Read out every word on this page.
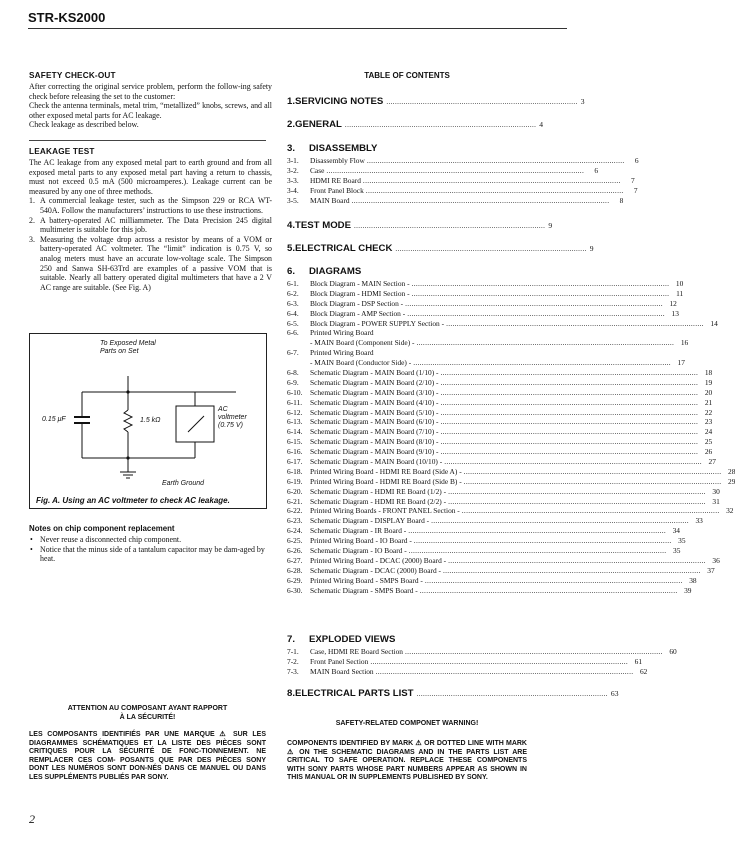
STR-KS2000
SAFETY CHECK-OUT

After correcting the original service problem, perform the follow-ing safety check before releasing the set to the customer:

Check the antenna terminals, metal trim, “metallized” knobs, screws, and all other exposed metal parts for AC leakage.

Check leakage as described below.

LEAKAGE TEST

The AC leakage from any exposed metal part to earth ground and from all exposed metal parts to any exposed metal part having a return to chassis, must not exceed 0.5 mA (500 microamperes.). Leakage current can be measured by any one of three methods.

1. A commercial leakage tester, such as the Simpson 229 or RCA WT-540A. Follow the manufacturers’ instructions to use these instructions.
2. A battery-operated AC milliammeter. The Data Precision 245 digital multimeter is suitable for this job.
3. Measuring the voltage drop across a resistor by means of a VOM or battery-operated AC voltmeter. The “limit” indication is 0.75 V, so analog meters must have an accurate low-voltage scale. The Simpson 250 and Sanwa SH-63Trd are examples of a passive VOM that is suitable. Nearly all battery operated digital multimeters that have a 2 V AC range are suitable. (See Fig. A)
To Exposed Metal
Parts on Set
0.15 μF	1.5 kΩ
AC
voltmeter
(0.75 V)
Earth Ground
Fig. A. Using an AC voltmeter to check AC leakage.
Notes on chip component replacement
• Never reuse a disconnected chip component.
• Notice that the minus side of a tantalum capacitor may be dam-aged by heat.
TABLE OF CONTENTS
1. SERVICING NOTES ......................................................................................... 3
2. GENERAL ......................................................................................... 4
3.	DISASSEMBLY
3-1.	Disassembly Flow ........................................................................................................................	6
3-2.	Case ........................................................................................................................	6
3-3.	HDMI RE Board ........................................................................................................................	7
3-4.	Front Panel Block ........................................................................................................................	7
3-5.	MAIN Board ........................................................................................................................	8
4. TEST MODE ......................................................................................... 9
5. ELECTRICAL CHECK ......................................................................................... 9
6.	DIAGRAMS
6-1.	Block Diagram - MAIN Section - ........................................................................................................................ 10
6-2.	Block Diagram - HDMI Section - ........................................................................................................................ 11
6-3.	Block Diagram - DSP Section - ........................................................................................................................ 12
6-4.	Block Diagram - AMP Section - ........................................................................................................................ 13
6-5.	Block Diagram - POWER SUPPLY Section - ........................................................................................................................ 14
6-6.	Printed Wiring Board
- MAIN Board (Component Side) - ........................................................................................................................ 16
6-7.	Printed Wiring Board
- MAIN Board (Conductor Side) - ........................................................................................................................ 17
6-8.	Schematic Diagram - MAIN Board (1/10) - ........................................................................................................................ 18
6-9.	Schematic Diagram - MAIN Board (2/10) - ........................................................................................................................ 19
6-10.	Schematic Diagram - MAIN Board (3/10) - ........................................................................................................................ 20
6-11.	Schematic Diagram - MAIN Board (4/10) - ........................................................................................................................ 21
6-12.	Schematic Diagram - MAIN Board (5/10) - ........................................................................................................................ 22
6-13.	Schematic Diagram - MAIN Board (6/10) - ........................................................................................................................ 23
6-14.	Schematic Diagram - MAIN Board (7/10) - ........................................................................................................................ 24
6-15.	Schematic Diagram - MAIN Board (8/10) - ........................................................................................................................ 25
6-16.	Schematic Diagram - MAIN Board (9/10) - ........................................................................................................................ 26
6-17.	Schematic Diagram - MAIN Board (10/10) - ........................................................................................................................ 27
6-18.	Printed Wiring Board - HDMI RE Board (Side A) - ........................................................................................................................ 28
6-19.	Printed Wiring Board - HDMI RE Board (Side B) - ........................................................................................................................ 29
6-20.	Schematic Diagram - HDMI RE Board (1/2) - ........................................................................................................................ 30
6-21.	Schematic Diagram - HDMI RE Board (2/2) - ........................................................................................................................ 31
6-22.	Printed Wiring Boards - FRONT PANEL Section - ........................................................................................................................ 32
6-23.	Schematic Diagram - DISPLAY Board - ........................................................................................................................ 33
6-24.	Schematic Diagram - IR Board - ........................................................................................................................ 34
6-25.	Printed Wiring Board - IO Board - ........................................................................................................................ 35
6-26.	Schematic Diagram - IO Board - ........................................................................................................................ 35
6-27.	Printed Wiring Board - DCAC (2000) Board - ........................................................................................................................ 36
6-28.	Schematic Diagram - DCAC (2000) Board - ........................................................................................................................ 37
6-29.	Printed Wiring Board - SMPS Board - ........................................................................................................................ 38
6-30.	Schematic Diagram - SMPS Board - ........................................................................................................................ 39
7.	EXPLODED VIEWS
7-1.	Case, HDMI RE Board Section ........................................................................................................................ 60
7-2.	Front Panel Section ........................................................................................................................ 61
7-3.	MAIN Board Section ........................................................................................................................ 62
8. ELECTRICAL PARTS LIST ......................................................................................... 63
ATTENTION AU COMPOSANT AYANT RAPPORT
À LA SÉCURITÉ!
LES COMPOSANTS IDENTIFIÉS PAR UNE MARQUE ⚠ SUR LES DIAGRAMMES SCHÉMATIQUES ET LA LISTE DES PIÈCES SONT CRITIQUES POUR LA SÉCURITÉ DE FONC-TIONNEMENT. NE REMPLACER CES COM- POSANTS QUE PAR DES PIÈCES SONY DONT LES NUMÉROS SONT DON-NÉS DANS CE MANUEL OU DANS LES SUPPLÉMENTS PUBLIÉS PAR SONY.
SAFETY-RELATED COMPONET WARNING!
COMPONENTS IDENTIFIED BY MARK ⚠ OR DOTTED LINE WITH MARK ⚠ ON THE SCHEMATIC DIAGRAMS AND IN THE PARTS LIST ARE CRITICAL TO SAFE OPERATION. REPLACE THESE COMPONENTS WITH SONY PARTS WHOSE PART NUMBERS APPEAR AS SHOWN IN THIS MANUAL OR IN SUPPLEMENTS PUBLISHED BY SONY.
2
